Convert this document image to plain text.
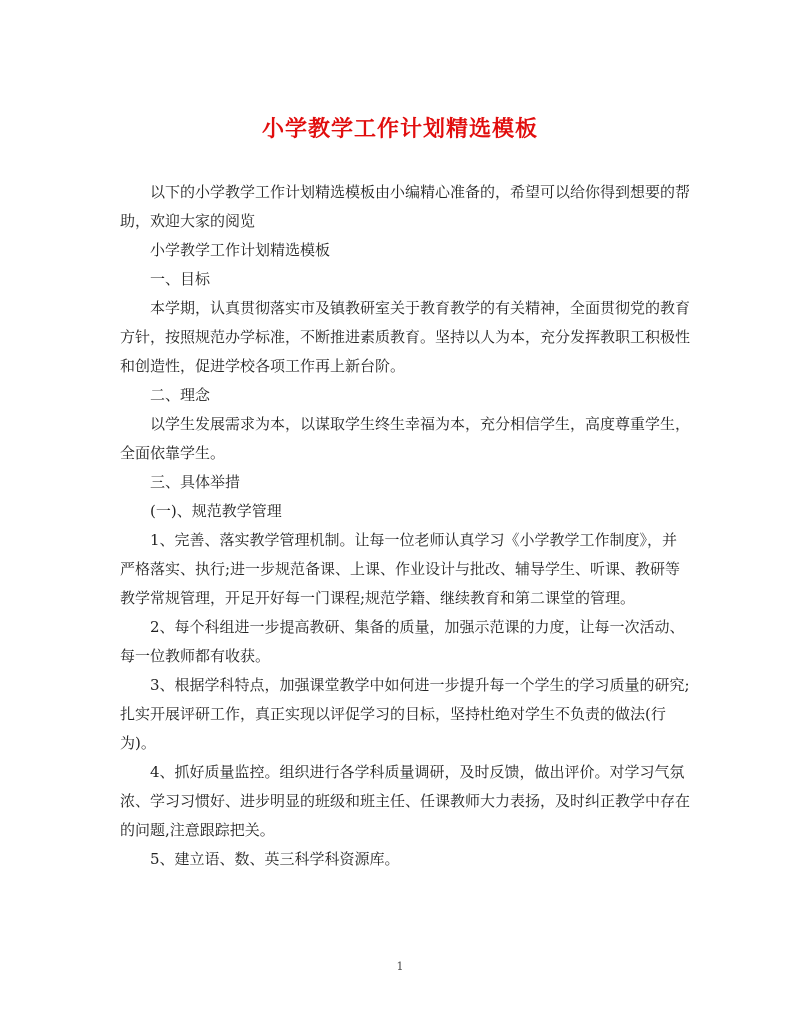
小学教学工作计划精选模板

以下的小学教学工作计划精选模板由小编精心准备的，希望可以给你得到想要的帮助，欢迎大家的阅览

小学教学工作计划精选模板

一、目标

本学期，认真贯彻落实市及镇教研室关于教育教学的有关精神，全面贯彻党的教育方针，按照规范办学标准，不断推进素质教育。坚持以人为本，充分发挥教职工积极性和创造性，促进学校各项工作再上新台阶。

二、理念

以学生发展需求为本，以谋取学生终生幸福为本，充分相信学生，高度尊重学生，全面依靠学生。

三、具体举措

(一)、规范教学管理

1、完善、落实教学管理机制。让每一位老师认真学习《小学教学工作制度》，并严格落实、执行;进一步规范备课、上课、作业设计与批改、辅导学生、听课、教研等教学常规管理，开足开好每一门课程;规范学籍、继续教育和第二课堂的管理。

2、每个科组进一步提高教研、集备的质量，加强示范课的力度，让每一次活动、每一位教师都有收获。

3、根据学科特点，加强课堂教学中如何进一步提升每一个学生的学习质量的研究;扎实开展评研工作，真正实现以评促学习的目标，坚持杜绝对学生不负责的做法(行为)。

4、抓好质量监控。组织进行各学科质量调研，及时反馈，做出评价。对学习气氛浓、学习习惯好、进步明显的班级和班主任、任课教师大力表扬，及时纠正教学中存在的问题,注意跟踪把关。

5、建立语、数、英三科学科资源库。

1
